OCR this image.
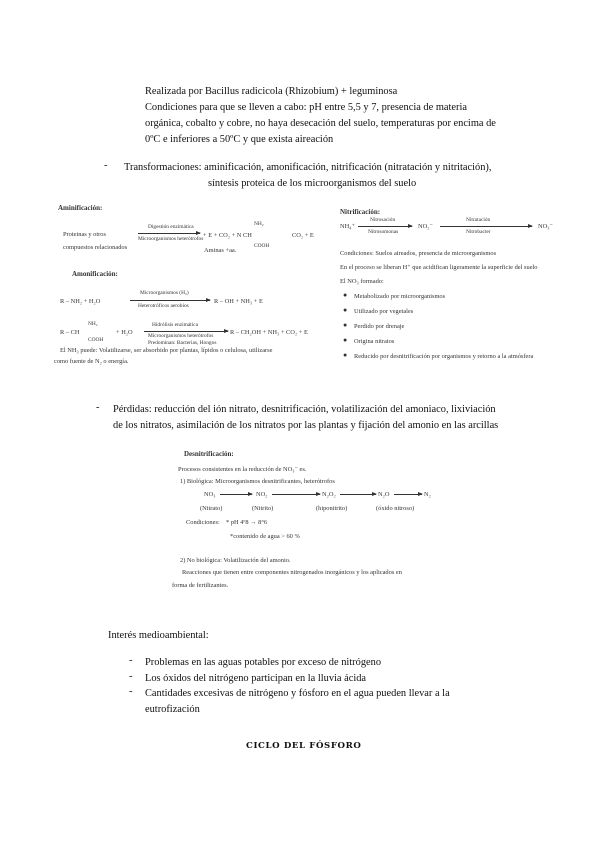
Realizada por Bacillus radicicola (Rhizobium) + leguminosa
Condiciones para que se lleven a cabo: pH entre 5,5 y 7, presencia de materia
orgánica, cobalto y cobre, no haya desecación del suelo, temperaturas por encima de
0ºC e inferiores a 50ºC y que exista aireación
- Transformaciones: aminificación, amonificación, nitrificación (nitratación y nitritación),
síntesis proteica de los microorganismos del suelo
Aminificación:
Proteinas y otros
compuestos relacionados
Digestión enzimática
Microorganismos heterótrofos + E + CO₂ + N CH
NH₂
COOH
CO₂ + E
Aminas +aa.
Amonificación:
R – NH₂ + H₂O
Microorganismos (H₂)
Heterotróficos aerobios
R – OH + NH₃ + E
R – CH
NH₂
COOH
+ H₂O
Hidrólisis enzimática
Microorganismos heterótrofos
Predominan: Bacterias, Hongos
R – CH₂OH + NH₃ + CO₂ + E
El NH₃ puede: Volatilizarse, ser absorbido por plantas, lípidos o celulosa, utilizarse
como fuente de N₂ o energía.
Nitrificación:
NH₄⁺
Nitrosación
Nitrosomonas
NO₂⁻
Nitratación
Nitrobacter
NO₃⁻
Condiciones: Suelos aireados, presencia de microorganismos
En el proceso se liberan H⁺ que acidifican ligeramente la superficie del suelo
El NO₃ formado:
● Metabolizado por microorganismos
● Utilizado por vegetales
● Perdido por drenaje
● Origina nitratos
● Reducido por desnitrificación por organismos y retorno a la atmósfera
- Pérdidas: reducción del ión nitrato, desnitrificación, volatilización del amoniaco, lixiviación
de los nitratos, asimilación de los nitratos por las plantas y fijación del amonio en las arcillas
Desnitrificación:
Procesos consistentes en la reducción de NO₃⁻ es.
1) Biológica: Microorganismos desnitrificantes, heterótrofos
NO₃	NO₂	N₂O₂	N₂O	N₂
(Nitrato)	(Nitrito)	(hiponitrito)	(óxido nitroso)
Condiciones: * pH 4º8 → 8°6
*contenido de agua > 60 %
2) No biológica: Volatilización del amonio.
Reacciones que tienen entre componentes nitrogenados inorgánicos y los aplicados en
forma de fertilizantes.
Interés medioambiental:
- Problemas en las aguas potables por exceso de nitrógeno
- Los óxidos del nitrógeno participan en la lluvia ácida
- Cantidades excesivas de nitrógeno y fósforo en el agua pueden llevar a la
eutrofización
CICLO DEL FÓSFORO
